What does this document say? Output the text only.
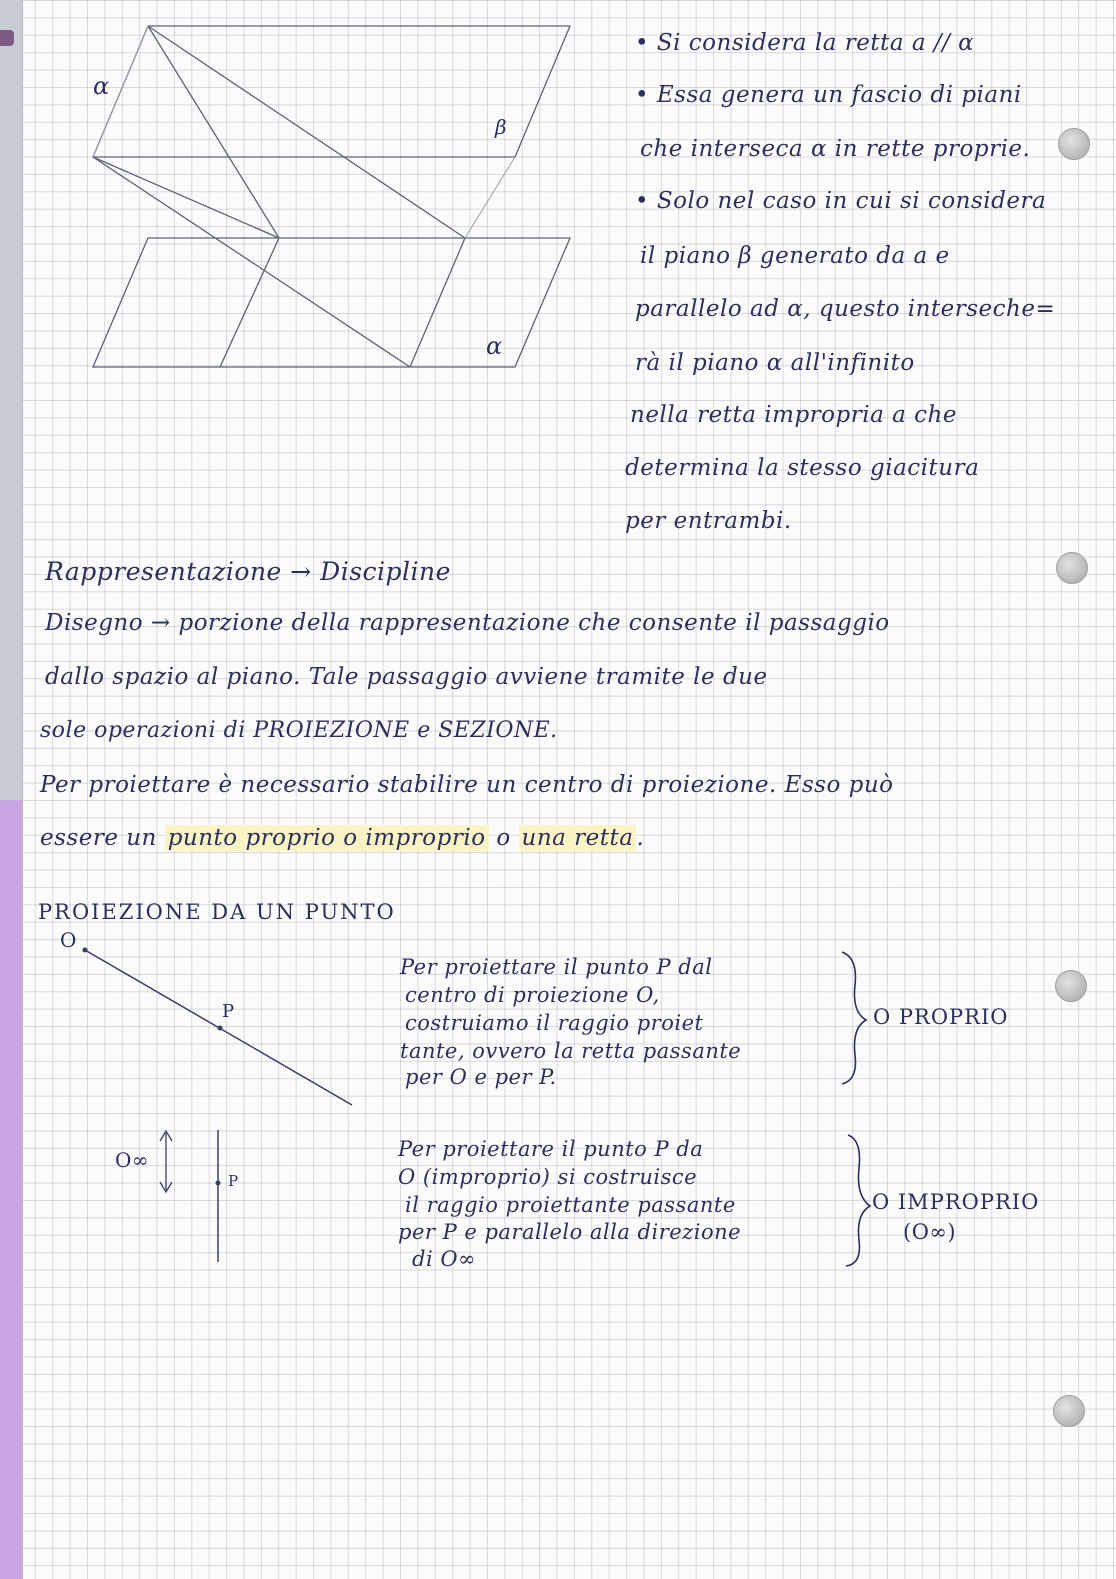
α
β
α
• Si considera la retta a // α
• Essa genera un fascio di piani
che interseca α in rette proprie.
• Solo nel caso in cui si considera
il piano β generato da a e
parallelo ad α, questo interseche=
rà il piano α all'infinito
nella retta impropria a che
determina la stesso giacitura
per entrambi.
Rappresentazione → Discipline
Disegno → porzione della rappresentazione che consente il passaggio
dallo spazio al piano. Tale passaggio avviene tramite le due
sole operazioni di PROIEZIONE e SEZIONE.
Per proiettare è necessario stabilire un centro di proiezione. Esso può
essere un punto proprio o improprio o una retta .
PROIEZIONE DA UN PUNTO
O
P
Per proiettare il punto P dal
centro di proiezione O,
costruiamo il raggio proiet
tante, ovvero la retta passante
per O e per P.
O PROPRIO
O∞
P
Per proiettare il punto P da
O (improprio) si costruisce
il raggio proiettante passante
per P e parallelo alla direzione
di O∞
O IMPROPRIO
(O∞)
